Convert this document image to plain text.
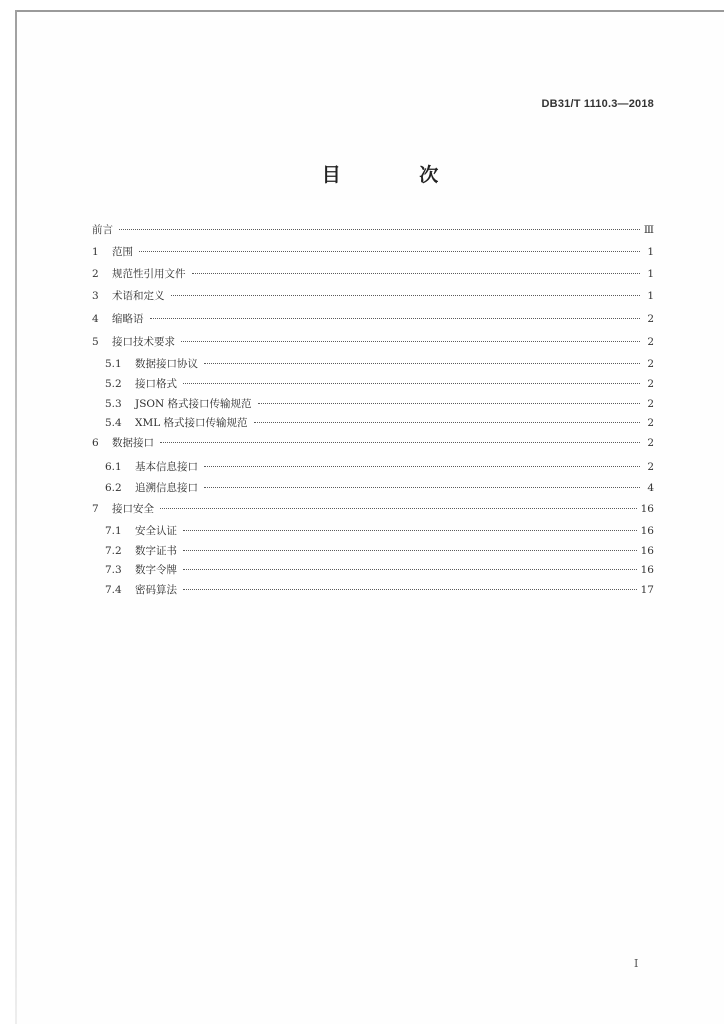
DB31/T 1110.3—2018
目 次
前言	Ⅲ
1	范围	1
2	规范性引用文件	1
3	术语和定义	1
4	缩略语	2
5	接口技术要求	2
5.1	数据接口协议	2
5.2	接口格式	2
5.3	JSON 格式接口传输规范	2
5.4	XML 格式接口传输规范	2
6	数据接口	2
6.1	基本信息接口	2
6.2	追溯信息接口	4
7	接口安全	16
7.1	安全认证	16
7.2	数字证书	16
7.3	数字令牌	16
7.4	密码算法	17
I
